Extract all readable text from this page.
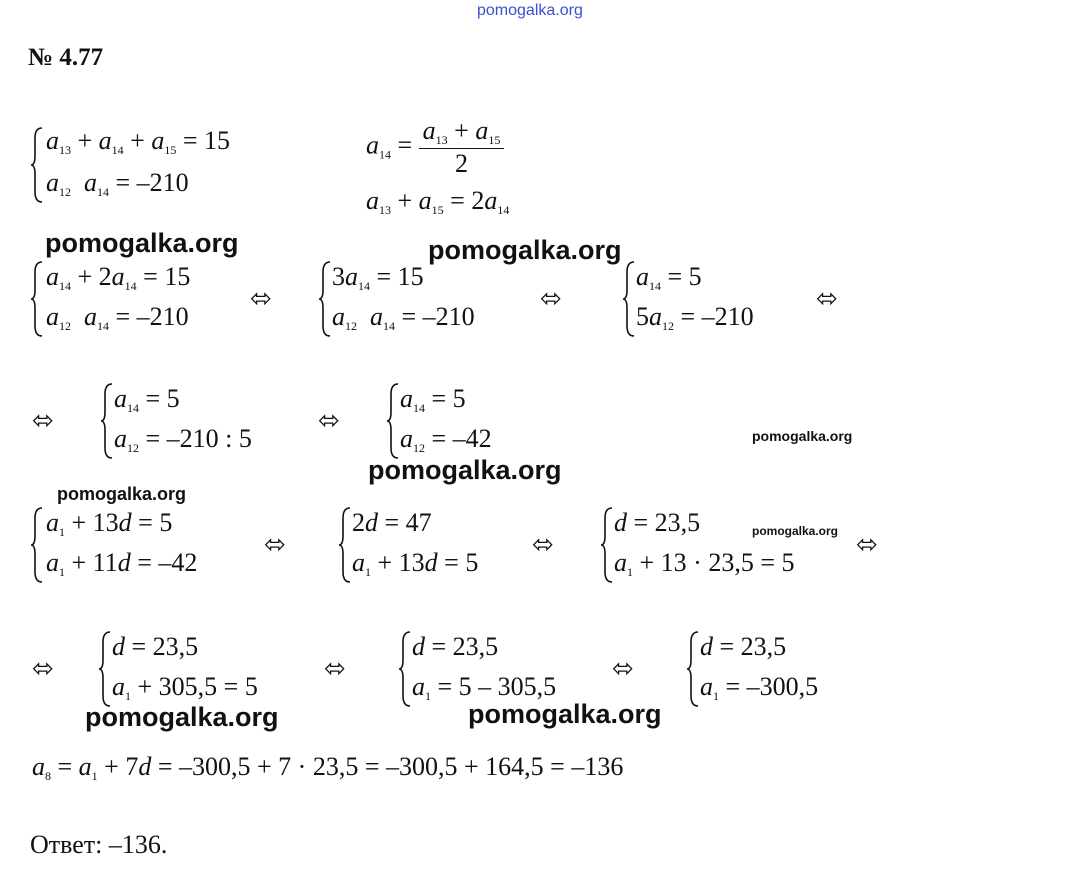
pomogalka.org
№ 4.77
$a_{13} + a_{14} + a_{15} = 15$
$a_{12}$ $a_{14} = -210$
$a_{14} = \frac{a_{13} + a_{15}}{2}$
$a_{13} + a_{15} = 2a_{14}$
pomogalka.org	pomogalka.org
$a_{14} + 2a_{14} = 15$
$a_{12}$ $a_{14} = -210$
⬄
$3a_{14} = 15$
$a_{12}$ $a_{14} = -210$
⬄
$a_{14} = 5$
$5a_{12} = -210$
⬄
⬄
$a_{14} = 5$
$a_{12} = -210$ : 5
⬄
$a_{14} = 5$
$a_{12} = -42$	pomogalka.org
pomogalka.org
pomogalka.org
$a_1 + 13d = 5$
$a_1 + 11d = -42$
⬄
2d = 47
$a_1 + 13d = 5$
⬄
d = 23,5
$a_1 + 13 \cdot 23,5 = 5$
pomogalka.org ⬄
⬄
d = 23,5
$a_1 + 305,5 = 5$
⬄
d = 23,5
$a_1 = 5 - 305,5$
⬄
d = 23,5
$a_1 = -300,5$
pomogalka.org	pomogalka.org
$a_8 = a_1 + 7d = -300,5 + 7 \cdot 23,5 = -300,5 + 164,5 = -136$
Ответ: –136.
